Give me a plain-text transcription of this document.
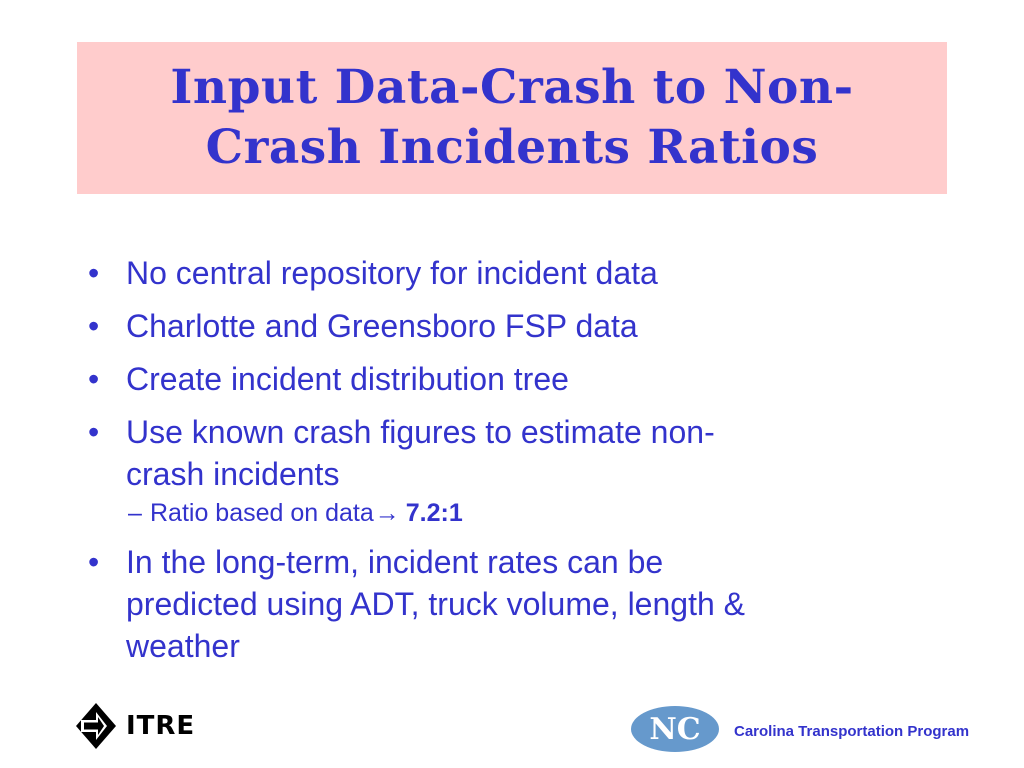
Input Data-Crash to Non-
Crash Incidents Ratios
• No central repository for incident data
• Charlotte and Greensboro FSP data
• Create incident distribution tree
• Use known crash figures to estimate non-
crash incidents
– Ratio based on data→ 7.2:1
• In the long-term, incident rates can be
predicted using ADT, truck volume, length &
weather
ITRE	NC Carolina Transportation Program
